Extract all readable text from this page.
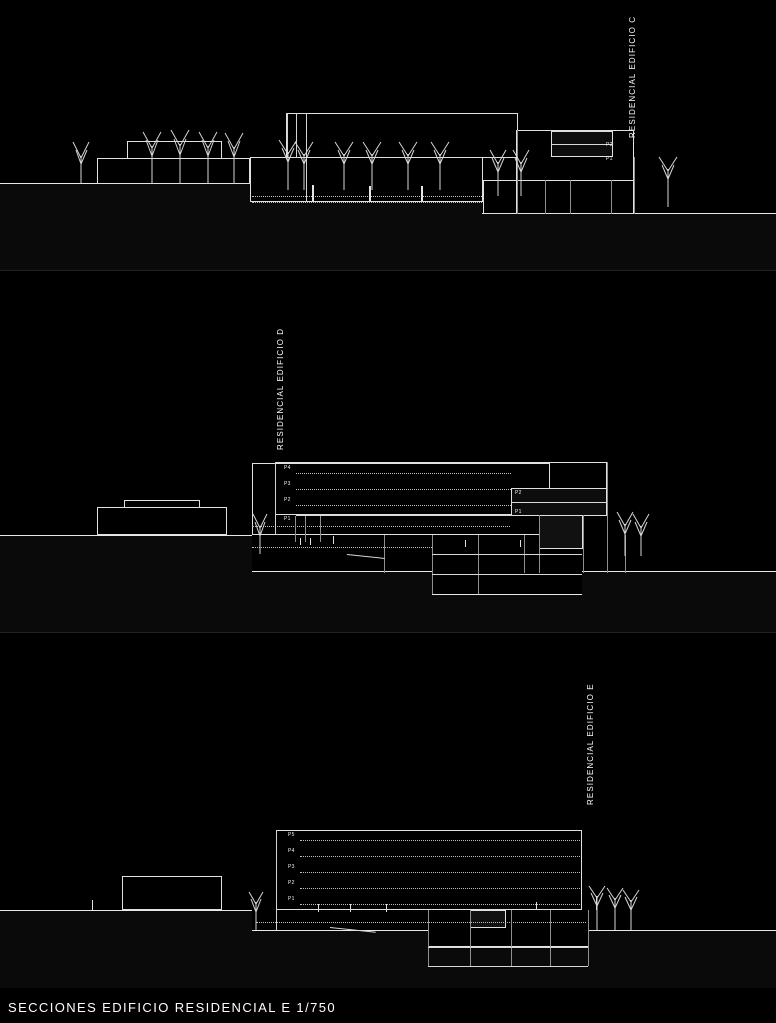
RESIDENCIAL EDIFICIO C
P2
P1
RESIDENCIAL EDIFICIO D
P4
P3
P2
P1
P2
P1
RESIDENCIAL EDIFICIO E
P5
P4
P3
P2
P1
SECCIONES EDIFICIO RESIDENCIAL E 1/750
